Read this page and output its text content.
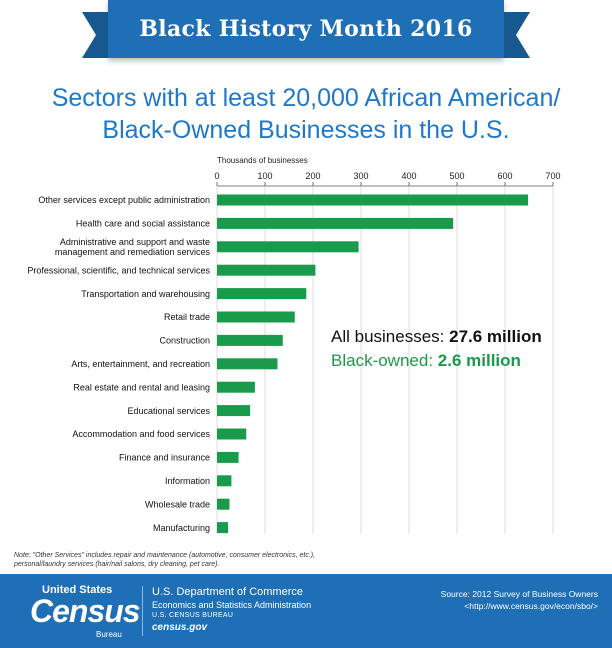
Black History Month 2016
Sectors with at least 20,000 African American/
Black-Owned Businesses in the U.S.
Thousands of businesses
0	100	200	300	400	500	600	700
Other services except public administration
Health care and social assistance
Administrative and support and waste management and remediation services
Professional, scientific, and technical services
Transportation and warehousing
Retail trade
Construction
Arts, entertainment, and recreation
Real estate and rental and leasing
Educational services
Accommodation and food services
Finance and insurance
Information
Wholesale trade
Manufacturing
All businesses: 27.6 million
Black-owned: 2.6 million
Note: "Other Services" includes repair and maintenance (automotive, consumer electronics, etc.),
personal/laundry services (hair/nail salons, dry cleaning, pet care).
United States
Census
Bureau
U.S. Department of Commerce
Economics and Statistics Administration
U.S. CENSUS BUREAU
census.gov
Source: 2012 Survey of Business Owners
<http://www.census.gov/econ/sbo/>
